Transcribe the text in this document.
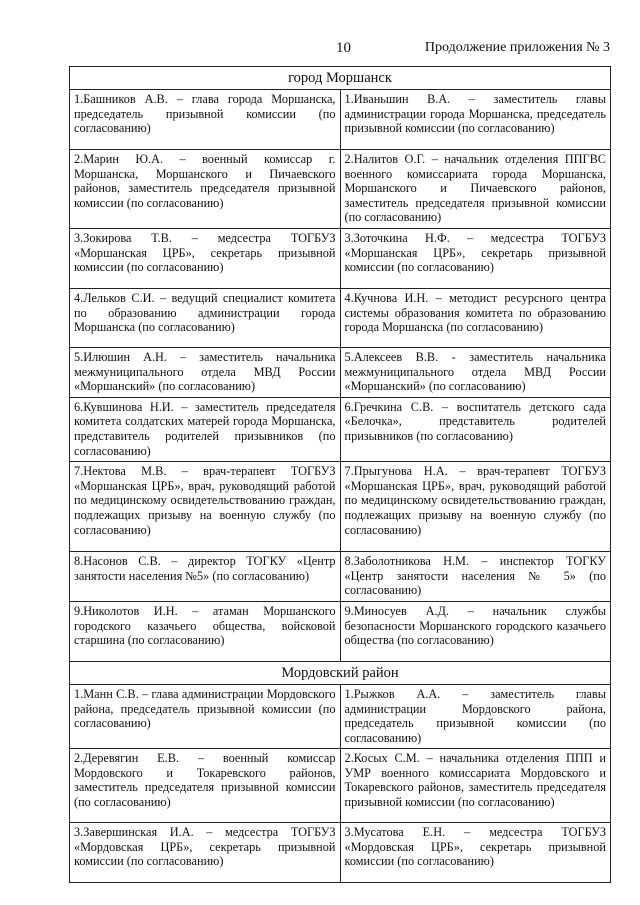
10	Продолжение приложения № 3
город Моршанск	
1.Башников А.В. – глава города Моршанска, председатель призывной комиссии (по согласованию)	1.Иваньшин В.А. – заместитель главы администрации города Моршанска, председатель призывной комиссии (по согласованию)
2.Марин Ю.А. – военный комиссар г. Моршанска, Моршанского и Пичаевского районов, заместитель председателя призывной комиссии (по согласованию)	2.Налитов О.Г. – начальник отделения ППГВС военного комиссариата города Моршанска, Моршанского и Пичаевского районов, заместитель председателя призывной комиссии (по согласованию)
3.Зокирова Т.В. – медсестра ТОГБУЗ «Моршанская ЦРБ», секретарь призывной комиссии (по согласованию)	3.Зоточкина Н.Ф. – медсестра ТОГБУЗ «Моршанская ЦРБ», секретарь призывной комиссии (по согласованию)
4.Лельков С.И. – ведущий специалист комитета по образованию администрации города Моршанска (по согласованию)	4.Кучнова И.Н. – методист ресурсного центра системы образования комитета по образованию города Моршанска (по согласованию)
5.Илюшин А.Н. – заместитель начальника межмуниципального отдела МВД России «Моршанский» (по согласованию)	5.Алексеев В.В. - заместитель начальника межмуниципального отдела МВД России «Моршанский» (по согласованию)
6.Кувшинова Н.И. – заместитель председателя комитета солдатских матерей города Моршанска, представитель родителей призывников (по согласованию)	6.Гречкина С.В. – воспитатель детского сада «Белочка», представитель родителей призывников (по согласованию)
7.Нектова М.В. – врач-терапевт ТОГБУЗ «Моршанская ЦРБ», врач, руководящий работой по медицинскому освидетельствованию граждан, подлежащих призыву на военную службу (по согласованию)	7.Прыгунова Н.А. – врач-терапевт ТОГБУЗ «Моршанская ЦРБ», врач, руководящий работой по медицинскому освидетельствованию граждан, подлежащих призыву на военную службу (по согласованию)
8.Насонов С.В. – директор ТОГКУ «Центр занятости населения №5» (по согласованию)	8.Заболотникова Н.М. – инспектор ТОГКУ «Центр занятости населения № 5» (по согласованию)
9.Николотов И.Н. – атаман Моршанского городского казачьего общества, войсковой старшина (по согласованию)	9.Миносуев А.Д. – начальник службы безопасности Моршанского городского казачьего общества (по согласованию)
Мордовский район	
1.Манн С.В. – глава администрации Мордовского района, председатель призывной комиссии (по согласованию)	1.Рыжков А.А. – заместитель главы администрации Мордовского района, председатель призывной комиссии (по согласованию)
2.Деревягин Е.В. – военный комиссар Мордовского и Токаревского районов, заместитель председателя призывной комиссии (по согласованию)	2.Косых С.М. – начальника отделения ППП и УМР военного комиссариата Мордовского и Токаревского районов, заместитель председателя призывной комиссии (по согласованию)
3.Завершинская И.А. – медсестра ТОГБУЗ «Мордовская ЦРБ», секретарь призывной комиссии (по согласованию)	3.Мусатова Е.Н. – медсестра ТОГБУЗ «Мордовская ЦРБ», секретарь призывной комиссии (по согласованию)
